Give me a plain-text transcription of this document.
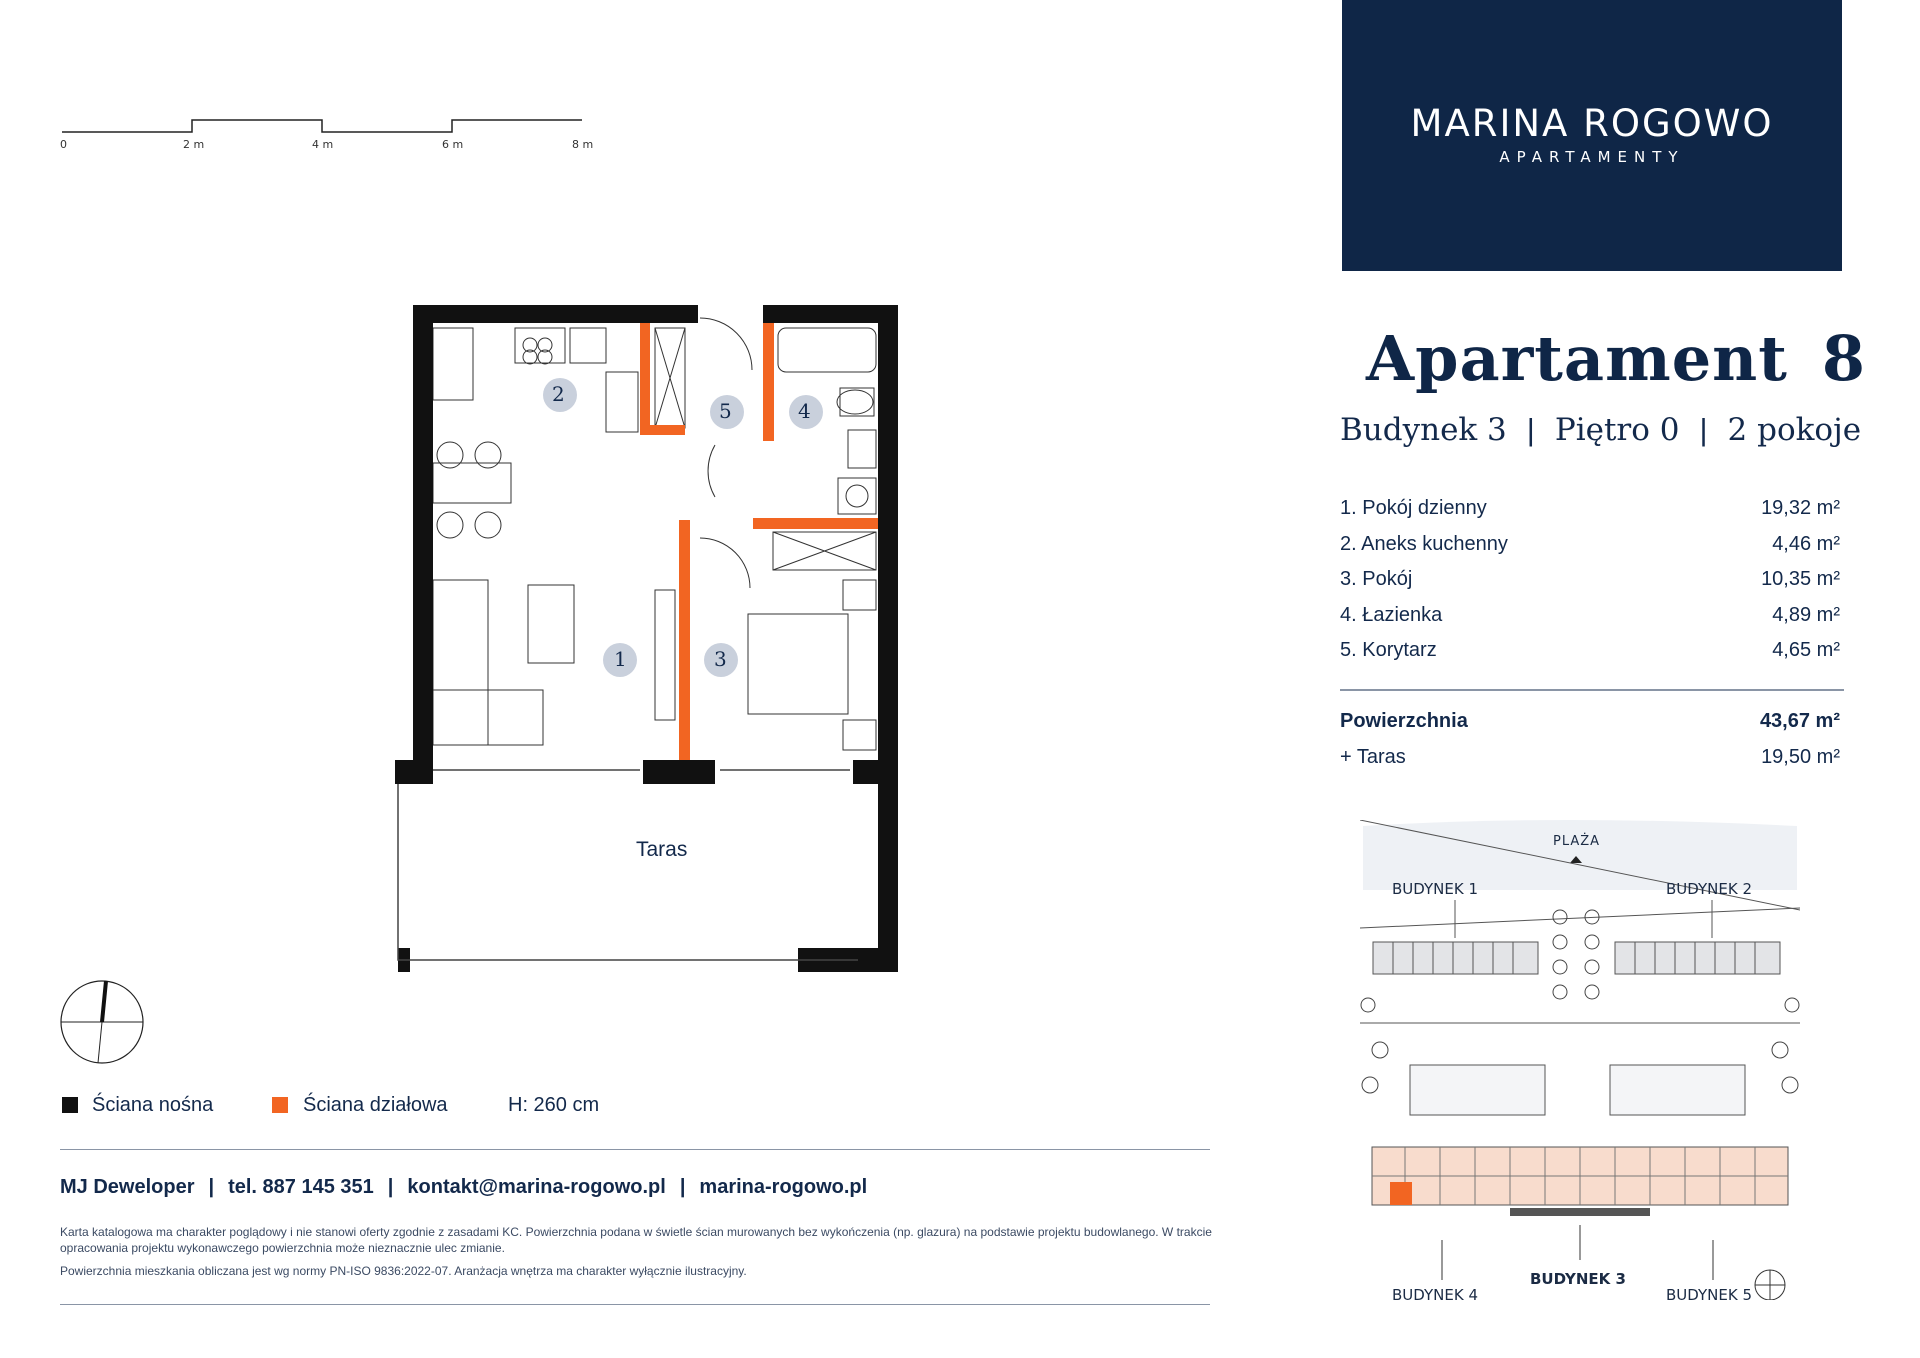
0	2 m	4 m	6 m	8 m	MARINA ROGOWO
APARTAMENTY
2
5	4
1	3
Taras
Apartament 8
Budynek 3 | Piętro 0 | 2 pokoje
1. Pokój dzienny	19,32 m²
2. Aneks kuchenny	4,46 m²
3. Pokój	10,35 m²
4. Łazienka	4,89 m²
5. Korytarz	4,65 m²
Powierzchnia	43,67 m²
+ Taras	19,50 m²
PLAŻA
BUDYNEK 1	BUDYNEK 2
BUDYNEK 3
BUDYNEK 4	BUDYNEK 5
Ściana nośna	Ściana działowa	H: 260 cm
MJ Deweloper | tel. 887 145 351 | kontakt@marina-rogowo.pl | marina-rogowo.pl
Karta katalogowa ma charakter poglądowy i nie stanowi oferty zgodnie z zasadami KC. Powierzchnia podana w świetle ścian murowanych bez wykończenia (np. glazura) na podstawie projektu budowlanego. W trakcie opracowania projektu wykonawczego powierzchnia może nieznacznie ulec zmianie.
Powierzchnia mieszkania obliczana jest wg normy PN-ISO 9836:2022-07. Aranżacja wnętrza ma charakter wyłącznie ilustracyjny.
